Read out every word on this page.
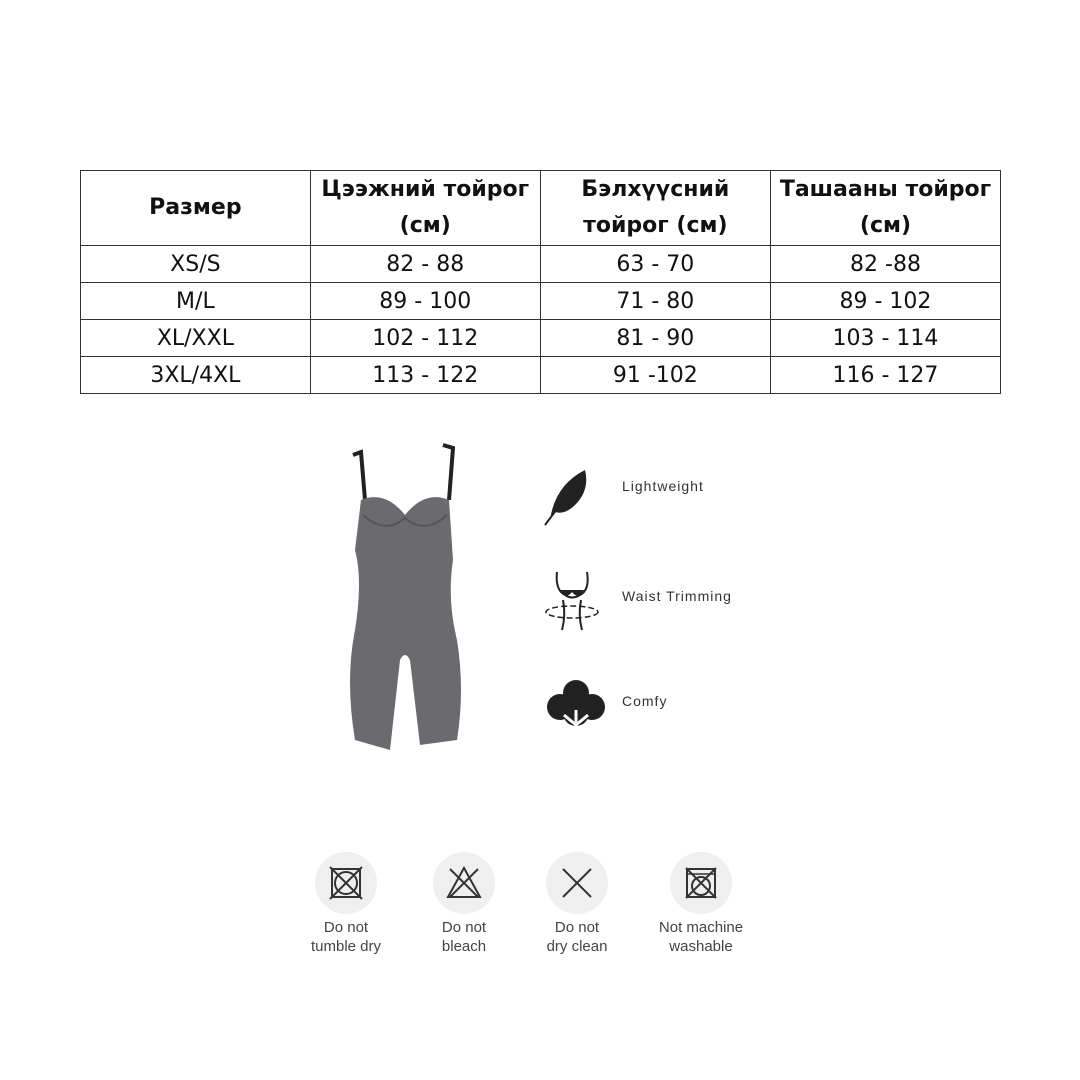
Размер	Цээжний тойрог (см)	Бэлхүүсний тойрог (см)	Ташааны тойрог (см)
XS/S	82 - 88	63 - 70	82 -88
M/L	89 - 100	71 - 80	89 - 102
XL/XXL	102 - 112	81 - 90	103 - 114
3XL/4XL	113 - 122	91 -102	116 - 127
Lightweight
Waist Trimming
Comfy
Do not
tumble dry
Do not
bleach
Do not
dry clean
Not machine
washable
